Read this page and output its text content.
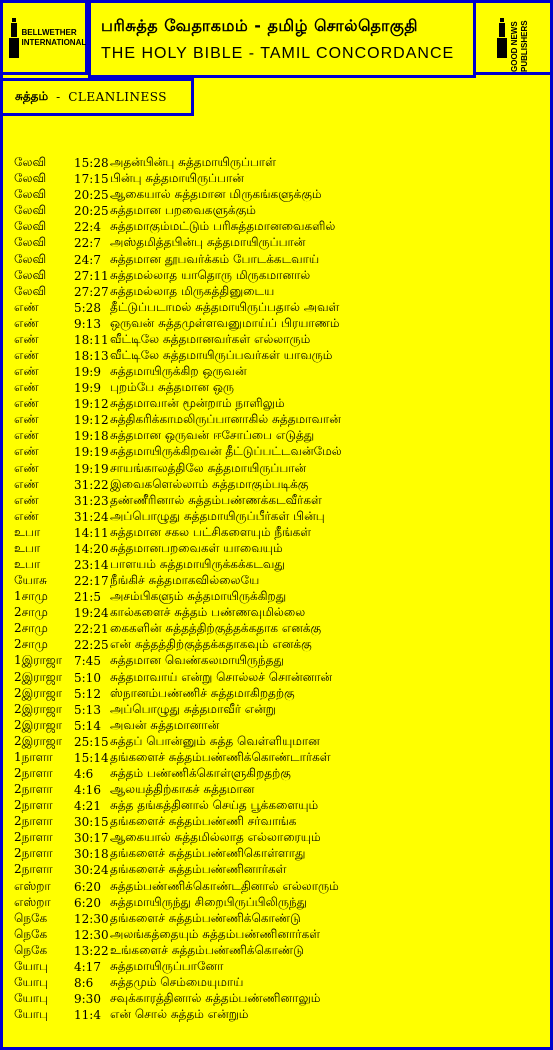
BELLWETHER INTERNATIONAL
பரிசுத்த வேதாகமம் - தமிழ் சொல்தொகுதி
THE HOLY BIBLE - TAMIL CONCORDANCE	GOOD NEWS PUBLISHERS
சுத்தம் - CLEANLINESS
லேவி	15:28 அதன்பின்பு சுத்தமாயிருப்பாள்
லேவி	17:15 பின்பு சுத்தமாயிருப்பான்
லேவி	20:25 ஆகையால் சுத்தமான மிருகங்களுக்கும்
லேவி	20:25 சுத்தமான பறவைகளுக்கும்
லேவி	22:4 சுத்தமாகும்மட்டும் பரிசுத்தமானவைகளில்
லேவி	22:7 அஸ்தமித்தபின்பு சுத்தமாயிருப்பான்
லேவி	24:7 சுத்தமான தூபவர்க்கம் போடக்கடவாய்
லேவி	27:11 சுத்தமல்லாத யாதொரு மிருகமானால்
லேவி	27:27 சுத்தமல்லாத மிருகத்தினுடைய
எண்	5:28 தீட்டுப்படாமல் சுத்தமாயிருப்பதால் அவள்
எண்	9:13 ஒருவன் சுத்தமுள்ளவனுமாய்ப் பிரயாணம்
எண்	18:11 வீட்டிலே சுத்தமானவர்கள் எல்லாரும்
எண்	18:13 வீட்டிலே சுத்தமாயிருப்பவர்கள் யாவரும்
எண்	19:9 சுத்தமாயிருக்கிற ஒருவன்
எண்	19:9 புறம்பே சுத்தமான ஒரு
எண்	19:12 சுத்தமாவான் மூன்றாம் நாளிலும்
எண்	19:12 சுத்திகரிக்காமலிருப்பானாகில் சுத்தமாவான்
எண்	19:18 சுத்தமான ஒருவன் ஈசோப்பை எடுத்து
எண்	19:19 சுத்தமாயிருக்கிறவன் தீட்டுப்பட்டவன்மேல்
எண்	19:19 சாயங்காலத்திலே சுத்தமாயிருப்பான்
எண்	31:22 இவைகளெல்லாம் சுத்தமாகும்படிக்கு
எண்	31:23 தண்ணீரினால் சுத்தம்பண்ணக்கடவீர்கள்
எண்	31:24 அப்பொழுது சுத்தமாயிருப்பீர்கள் பின்பு
உபா	14:11 சுத்தமான சகல பட்சிகளையும் நீங்கள்
உபா	14:20 சுத்தமானபறவைகள் யாவையும்
உபா	23:14 பாளயம் சுத்தமாயிருக்கக்கடவது
யோசு	22:17 நீங்கிச் சுத்தமாகவில்லையே
1சாமு	21:5 அசம்பிகளும் சுத்தமாயிருக்கிறது
2சாமு	19:24 கால்களைச் சுத்தம் பண்ணவுமில்லை
2சாமு	22:21 கைகளின் சுத்தத்திற்குத்தக்கதாக எனக்கு
2சாமு	22:25 என் சுத்தத்திற்குத்தக்கதாகவும் எனக்கு
1இராஜா 7:45 சுத்தமான வெண்கலமாயிருந்தது
2இராஜா 5:10 சுத்தமாவாய் என்று சொல்லச் சொன்னான்
2இராஜா 5:12 ஸ்நானம்பண்ணிச் சுத்தமாகிறதற்கு
2இராஜா 5:13 அப்பொழுது சுத்தமாவீர் என்று
2இராஜா 5:14 அவன் சுத்தமானான்
2இராஜா 25:15 சுத்தப் பொன்னும் சுத்த வெள்ளியுமான
1நாளா	15:14 தங்களைச் சுத்தம்பண்ணிக்கொண்டார்கள்
2நாளா	4:6	சுத்தம் பண்ணிக்கொள்ளுகிறதற்கு
2நாளா	4:16 ஆலயத்திற்காகச் சுத்தமான
2நாளா	4:21 சுத்த தங்கத்தினால் செய்த பூக்களையும்
2நாளா	30:15 தங்களைச் சுத்தம்பண்ணி சர்வாங்க
2நாளா	30:17 ஆகையால் சுத்தமில்லாத எல்லாரையும்
2நாளா	30:18 தங்களைச் சுத்தம்பண்ணிகொள்ளாது
2நாளா	30:24 தங்களைச் சுத்தம்பண்ணினார்கள்
எஸ்றா	6:20 சுத்தம்பண்ணிக்கொண்டதினால் எல்லாரும்
எஸ்றா	6:20 சுத்தமாயிருந்து சிறைபிருப்பிலிருந்து
நெகே	12:30 தங்களைச் சுத்தம்பண்ணிக்கொண்டு
நெகே	12:30 அலங்கத்தையும் சுத்தம்பண்ணினார்கள்
நெகே	13:22 உங்களைச் சுத்தம்பண்ணிக்கொண்டு
யோபு	4:17 சுத்தமாயிருப்பானோ
யோபு	8:6	சுத்தமும் செம்மையுமாய்
யோபு	9:30 சவுக்காரத்தினால் சுத்தம்பண்ணினாலும்
யோபு	11:4 என் சொல் சுத்தம் என்றும்
